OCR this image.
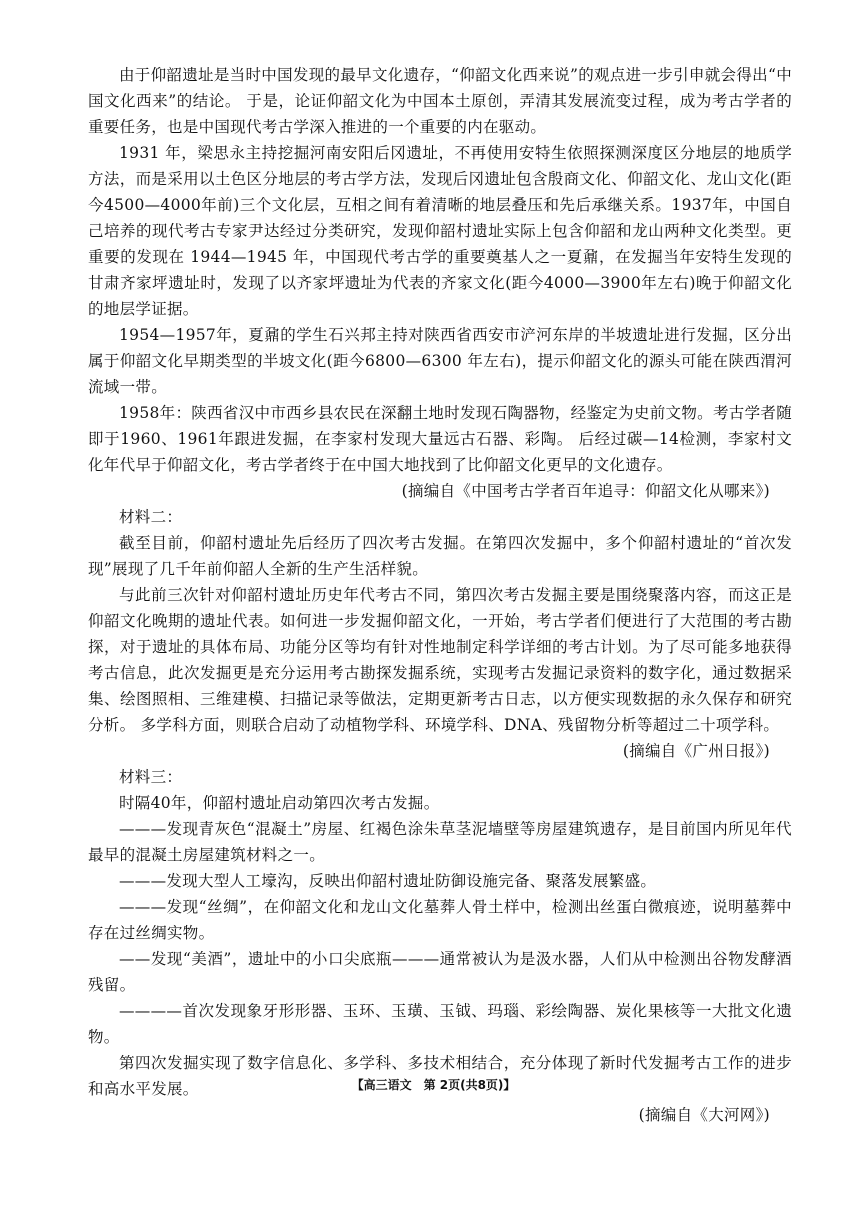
由于仰韶遗址是当时中国发现的最早文化遗存，“仰韶文化西来说”的观点进一步引申就会得出“中国文化西来”的结论。 于是，论证仰韶文化为中国本土原创，弄清其发展流变过程，成为考古学者的重要任务，也是中国现代考古学深入推进的一个重要的内在驱动。

1931 年，梁思永主持挖掘河南安阳后冈遗址，不再使用安特生依照探测深度区分地层的地质学方法，而是采用以土色区分地层的考古学方法，发现后冈遗址包含殷商文化、仰韶文化、龙山文化(距今4500—4000年前)三个文化层，互相之间有着清晰的地层叠压和先后承继关系。1937年，中国自己培养的现代考古专家尹达经过分类研究，发现仰韶村遗址实际上包含仰韶和龙山两种文化类型。更重要的发现在 1944—1945 年，中国现代考古学的重要奠基人之一夏鼐，在发掘当年安特生发现的甘肃齐家坪遗址时，发现了以齐家坪遗址为代表的齐家文化(距今4000—3900年左右)晚于仰韶文化的地层学证据。

1954—1957年，夏鼐的学生石兴邦主持对陕西省西安市浐河东岸的半坡遗址进行发掘，区分出属于仰韶文化早期类型的半坡文化(距今6800—6300 年左右)，提示仰韶文化的源头可能在陕西渭河流域一带。

1958年：陕西省汉中市西乡县农民在深翻土地时发现石陶器物，经鉴定为史前文物。考古学者随即于1960、1961年跟进发掘，在李家村发现大量远古石器、彩陶。 后经过碳—14检测，李家村文化年代早于仰韶文化，考古学者终于在中国大地找到了比仰韶文化更早的文化遗存。

(摘编自《中国考古学者百年追寻：仰韶文化从哪来》)

材料二：

截至目前，仰韶村遗址先后经历了四次考古发掘。在第四次发掘中，多个仰韶村遗址的“首次发现”展现了几千年前仰韶人全新的生产生活样貌。

与此前三次针对仰韶村遗址历史年代考古不同，第四次考古发掘主要是围绕聚落内容，而这正是仰韶文化晚期的遗址代表。如何进一步发掘仰韶文化，一开始，考古学者们便进行了大范围的考古勘探，对于遗址的具体布局、功能分区等均有针对性地制定科学详细的考古计划。为了尽可能多地获得考古信息，此次发掘更是充分运用考古勘探发掘系统，实现考古发掘记录资料的数字化，通过数据采集、绘图照相、三维建模、扫描记录等做法，定期更新考古日志，以方便实现数据的永久保存和研究分析。 多学科方面，则联合启动了动植物学科、环境学科、DNA、残留物分析等超过二十项学科。

(摘编自《广州日报》)

材料三：

时隔40年，仰韶村遗址启动第四次考古发掘。

———发现青灰色“混凝土”房屋、红褐色涂朱草茎泥墙壁等房屋建筑遗存，是目前国内所见年代最早的混凝土房屋建筑材料之一。

———发现大型人工壕沟，反映出仰韶村遗址防御设施完备、聚落发展繁盛。

———发现“丝绸”，在仰韶文化和龙山文化墓葬人骨土样中，检测出丝蛋白微痕迹，说明墓葬中存在过丝绸实物。

——发现“美酒”，遗址中的小口尖底瓶———通常被认为是汲水器，人们从中检测出谷物发酵酒残留。

————首次发现象牙形形器、玉环、玉璜、玉钺、玛瑙、彩绘陶器、炭化果核等一大批文化遗物。

第四次发掘实现了数字信息化、多学科、多技术相结合，充分体现了新时代发掘考古工作的进步和高水平发展。

(摘编自《大河网》)

【高三语文　第 2页(共8页)】
